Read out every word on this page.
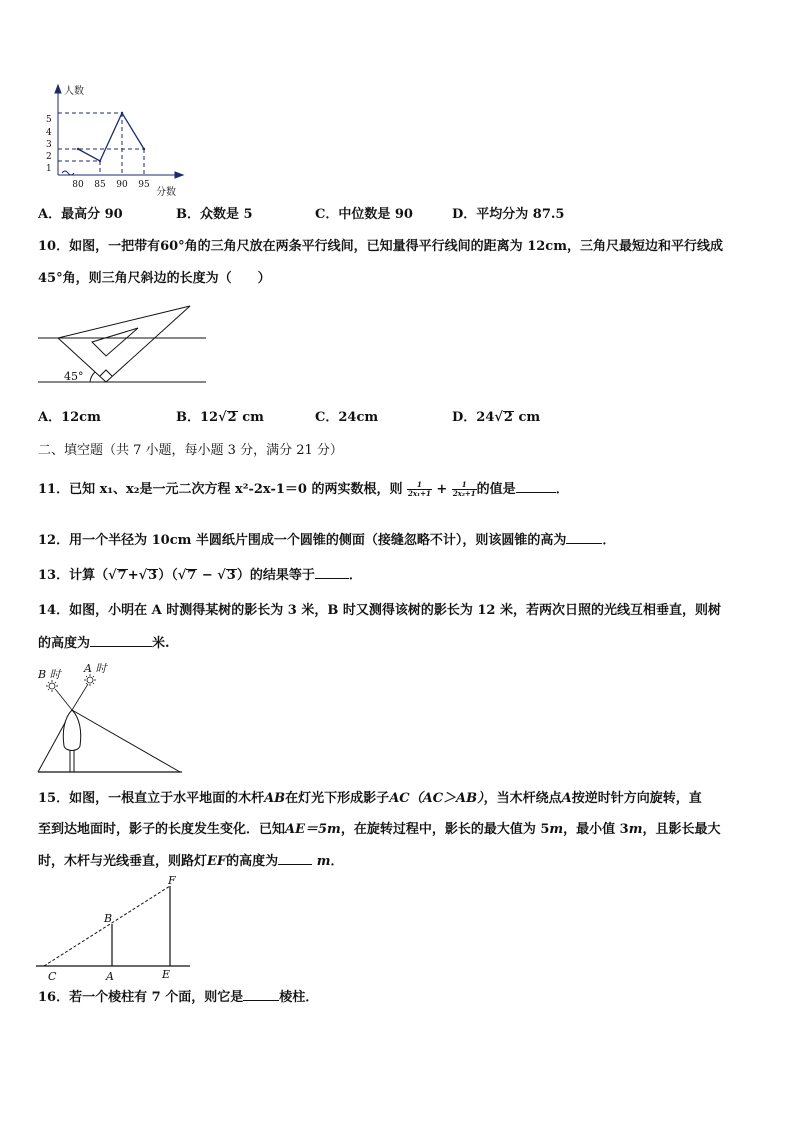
人数
分数
5
4
3
2
1
80 85 90 95
A．最高分 90	B．众数是 5	C．中位数是 90	D．平均分为 87.5
10．如图，一把带有60°角的三角尺放在两条平行线间，已知量得平行线间的距离为 12cm，三角尺最短边和平行线成
45°角，则三角尺斜边的长度为（　　）
45°
A．12cm	B．12√2 cm	C．24cm	D．24√2 cm
二、填空题（共 7 小题，每小题 3 分，满分 21 分）
11．已知 x₁、x₂是一元二次方程 x²-2x-1＝0 的两实数根，则 $\frac{1}{\text{2x₁+1}} + \frac{1}{\text{2x₂+1}}$ 的值是	．
12．用一个半径为 10cm 半圆纸片围成一个圆锥的侧面（接缝忽略不计），则该圆锥的高为	．
13．计算（√7+√3）（√7 − √3）的结果等于	．
14．如图，小明在 A 时测得某树的影长为 3 米，B 时又测得该树的影长为 12 米，若两次日照的光线互相垂直，则树
的高度为	米.
B 时 A 时
15．如图，一根直立于水平地面的木杆AB在灯光下形成影子AC（AC＞AB），当木杆绕点A按逆时针方向旋转，直
至到达地面时，影子的长度发生变化．已知AE＝5m，在旋转过程中，影长的最大值为 5m，最小值 3m，且影长最大
时，木杆与光线垂直，则路灯EF的高度为	m．
F
B
C	A	E
16．若一个棱柱有 7 个面，则它是	棱柱．
